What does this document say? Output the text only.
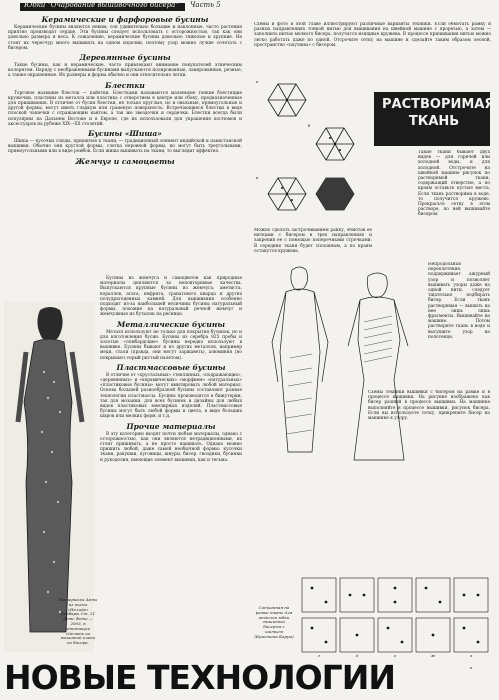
Юбки "Очарование вышивочного бисера" Часть 5
Керамические и фарфоровые бусины

Керамические бусины являются неким, сон удивительно большие и наклонные, часто растения приятно производят сердце. Эти бусины следует использовать с осторожностью, так как они довольно размера и веса. К сожалению, керамические бусины довольно тяжелые и хрупкие. Не стоит их чересчур много вышивать на одном изделии, поэтому узор можно лучше сочетать с бисером.

Деревянные бусины

Такие бусины, как и керамические, часто привлекают внимание покупателей этническим колоритом. Наряду с неображенными бусинами выпускаются полированные, лакированные, резные, а также окрашенные. Их размеры и форма обычно и они относительно легки.

Блестки

Торговое название блесток — пайетки. Блестками называются маленькие тонкие блестящие кружочки, пластины из металла или пластика с отверстием в центре или сбоку, предназначенные для пришивания. В отличие от бусин блестки, не только круглые, но и овальные, прямоугольные и другой формы, могут иметь гладкую или граненую поверхность. Встречающиеся блестки в виде плоской чашечки с отражающим кантом, а так же звездочки и сердечки. Блестки всегда были популярны на Дальнем Востоке и в Европе, где их использовали для украшения костюмов и аксессуаров на рубеже XIX—XX столетий.

Бусины «Шиша»

Шиша — кусочки слюды, пришитые к ткани, — традиционный элемент индийской и пакистанской вышивки. Обычно они круглой формы, слегка неровной формы, но могут быть треугольными, прямоугольными или в виде ромбов. Если шиша вышивать на ткани, то выглядит эффектно.

Жемчуг и самоцветы
Материалы Анны из пьесы «Нелида» Барбары Ст. 21 Демс Фото — 2003, в аннотации сделать из вышитой клеки из бисера.

Бусины из жемчуга и самоцветов как природные материалы цепляются за неповторимые качества. Выпускаются крупные бусины из жемчуга, аметиста, кораллов, агата, нефрита, гранатового кварца и других полудрагоценных камней. Для вышивания особенно подходит из-за наибольшей величины бусины натуральный формы, похожие на натуральный речной жемчуг и жемчужные из бутылок на реснице.

Металлические бусины

Металл используют не только для покрытия бусинок, но и для изготовления бусин. Бусины из серебра 925 пробы и золотые «ломбардские» бусины нередко используют в вышивке. Бусины бывают и из других металлов, например меди, стали (правда, они могут заржаветь), алюминия (но покрывают серый ристый налетом).

Пластмассовые бусины

В отличие от «хрустальных» стеклянных, «подражающих», «деревянных» и «керамических» «морфием» «натуральных» «пластиковые бусины» могут имитировать любой материал. Основа большей разнообразной бусины составляют разные технологии пластмассы. Бусины производятся в бижутерии, так для мозаики, для всех бусинок и дизайны для любых видов пластиковых ювелирных изделий. Пластмассовые бусины могут быть любой формы и цвета, в виде больших шаров или мелких форм, и т.д.

Прочие материалы

В эту категорию входят почти любые материалы, однако с осторожностью, как они являются нетрадиционными, их стоит пришивать, а не просто нашивать. Однако можно пришить любой, даже самой необычной формы: кусочки ткани, ракушки, пуговицы, шнуры, бисер, гвоздики, бусинки и рукоделия, имеющие элемент вышивки, как и тесьма.

НОВЫЕ ТЕХНОЛОГИИ
Схемы и фото в этой главе иллюстрируют различные варианты техники. Если обмотать рамку и разных направлениях тонкой нитью для вышивания на швейной машине с прорезью, а затем — заполнить нитью мелкого бисера, получатся изящные кружева. В процессе пришивания нитью можно легко работать даже по одной. Отсрочите сетку на машине и сделайте таким образом лесной, пространство «паутины» с бисером.
а
б
в
Можно сделать застрочиванием ранку, обмотав ее нитками с бисером в трех направлениях и закрепив ее с помощью поперечными строчками. В середине ткани будет сплошным, а по краям останутся кружева.
РАСТВОРИМАЯ ТКАНЬ
Такие ткани бывают двух видов — для горячей или холодной воды, и для холодной. Отстрочите на швейной машине рисунок по растворимой ткани, содержащий отверстие, а по краям оставьте пустые места. Если ткань растворима в воде, то получится кружево. Прокрасьте сетку в этом растворе, по ней вышивайте бисером.
Непродольная переплетение, поддерживает ажурный узор и позволяет вышивать узоры даже на одной нити, следует тщательно подбирать бисер. Если ткань растворимая — вышить на нее лишь лишь фрагменты. Вышивайте на машине. Потом растворите ткань в воде и высушите узор на полотенце.
Схемы техники вышивки с бисером на рамке и в процессе вышивки. На рисунке изображено как бисер разный в процессе вышивки. На машинке выполняйте в процессе вышивки, рисунок бисера. Если вы используете сетку, прикрепите бисер на машинке к узору.
Сотканная на рамке ткань для отделки юбки вышитый бисером с шитьем (Кристина Барри)
г	д	е	ж	з
и
